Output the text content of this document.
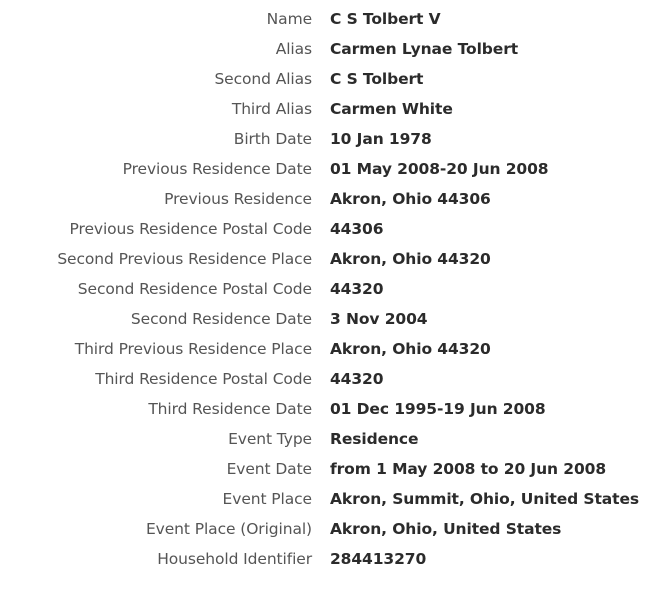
Name C S Tolbert V
Alias Carmen Lynae Tolbert
Second Alias C S Tolbert
Third Alias Carmen White
Birth Date 10 Jan 1978
Previous Residence Date 01 May 2008-20 Jun 2008
Previous Residence Akron, Ohio 44306
Previous Residence Postal Code 44306
Second Previous Residence Place Akron, Ohio 44320
Second Residence Postal Code 44320
Second Residence Date 3 Nov 2004
Third Previous Residence Place Akron, Ohio 44320
Third Residence Postal Code 44320
Third Residence Date 01 Dec 1995-19 Jun 2008
Event Type Residence
Event Date from 1 May 2008 to 20 Jun 2008
Event Place Akron, Summit, Ohio, United States
Event Place (Original) Akron, Ohio, United States
Household Identifier 284413270
